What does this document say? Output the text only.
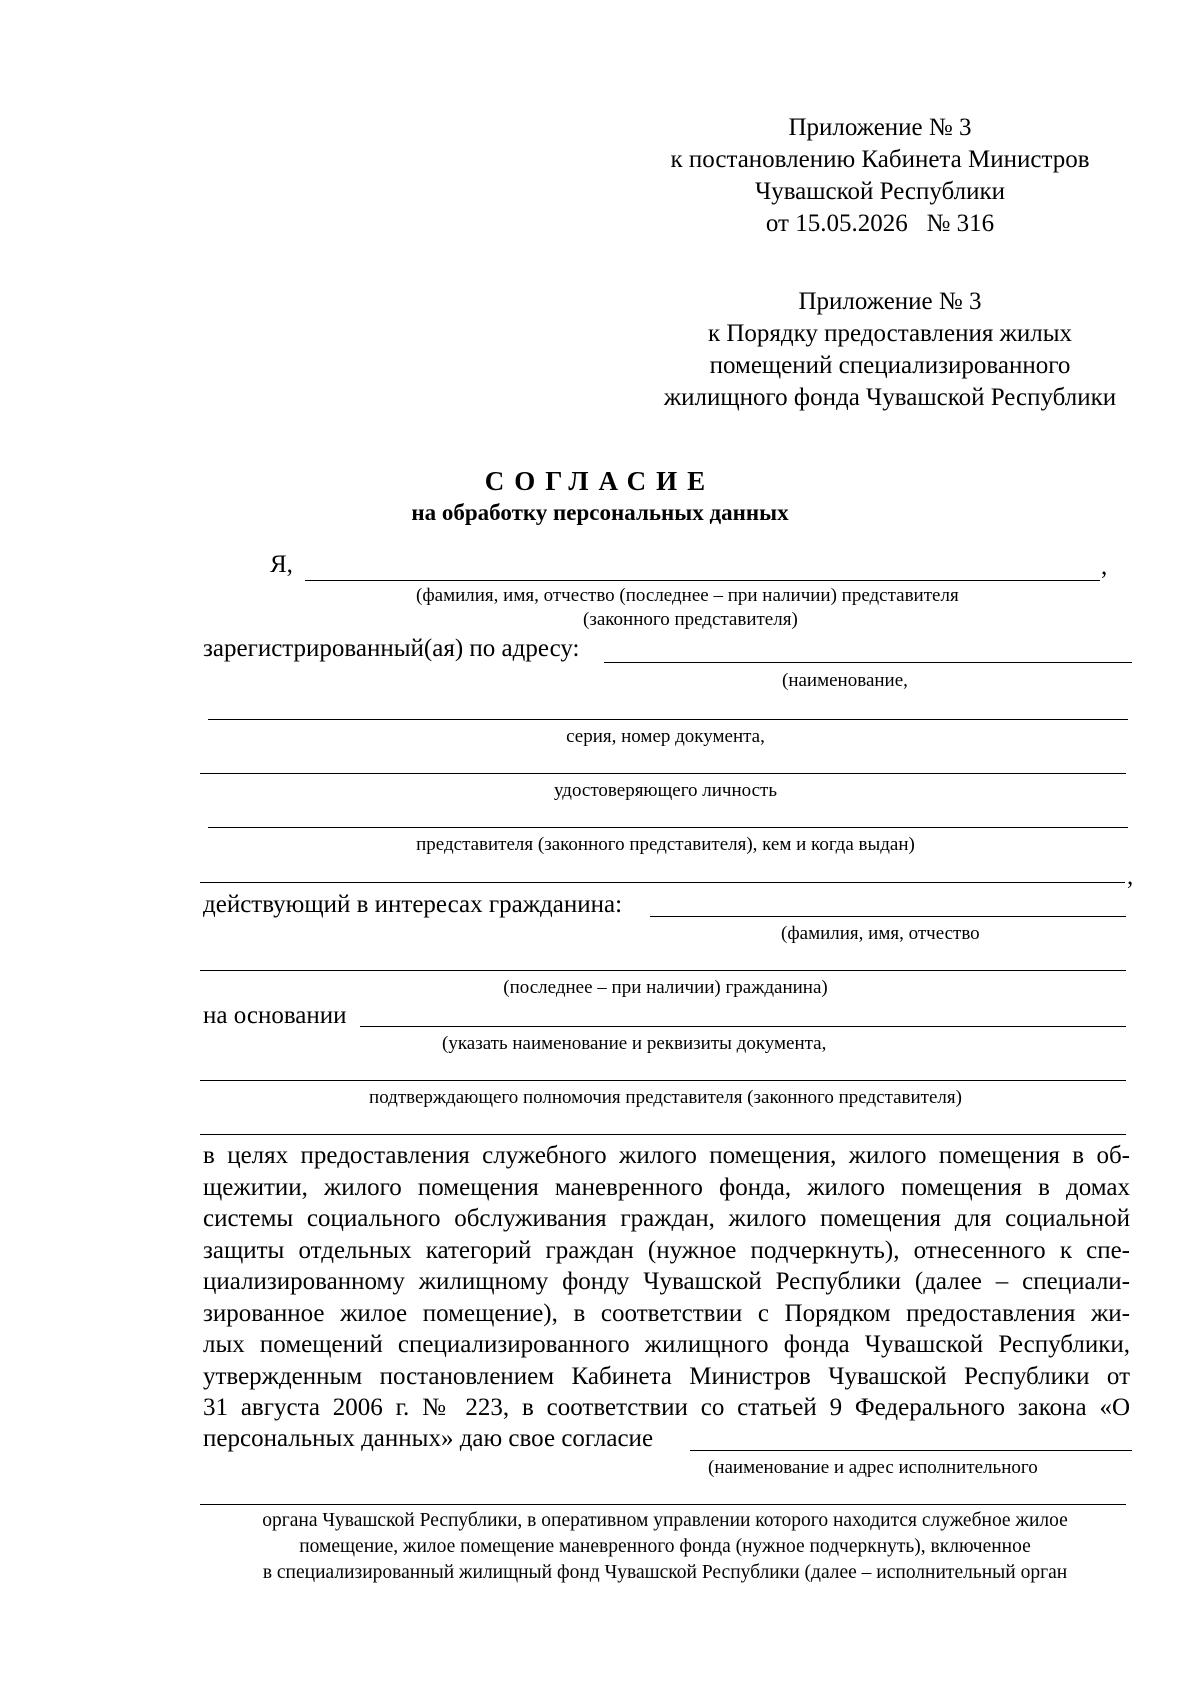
Приложение № 3
к постановлению Кабинета Министров
Чувашской Республики
от 15.05.2026   № 316
Приложение № 3
к Порядку предоставления жилых
помещений специализированного
жилищного фонда Чувашской Республики
СОГЛАСИЕ
на обработку персональных данных
Я,	,
(фамилия, имя, отчество (последнее – при наличии) представителя
(законного представителя)
зарегистрированный(ая) по адресу:
(наименование,
серия, номер документа,
удостоверяющего личность
представителя (законного представителя), кем и когда выдан)
,
действующий в интересах гражданина:
(фамилия, имя, отчество
(последнее – при наличии) гражданина)
на основании
(указать наименование и реквизиты документа,
подтверждающего полномочия представителя (законного представителя)
в целях предоставления служебного жилого помещения, жилого помещения в об-
щежитии, жилого помещения маневренного фонда, жилого помещения в домах
системы социального обслуживания граждан, жилого помещения для социальной
защиты отдельных категорий граждан (нужное подчеркнуть), отнесенного к спе-
циализированному жилищному фонду Чувашской Республики (далее – специали-
зированное жилое помещение), в соответствии с Порядком предоставления жи-
лых помещений специализированного жилищного фонда Чувашской Республики,
утвержденным постановлением Кабинета Министров Чувашской Республики от
31 августа 2006 г. № 223, в соответствии со статьей 9 Федерального закона «О
персональных данных» даю свое согласие
(наименование и адрес исполнительного
органа Чувашской Республики, в оперативном управлении которого находится служебное жилое
помещение, жилое помещение маневренного фонда (нужное подчеркнуть), включенное
в специализированный жилищный фонд Чувашской Республики (далее – исполнительный орган
